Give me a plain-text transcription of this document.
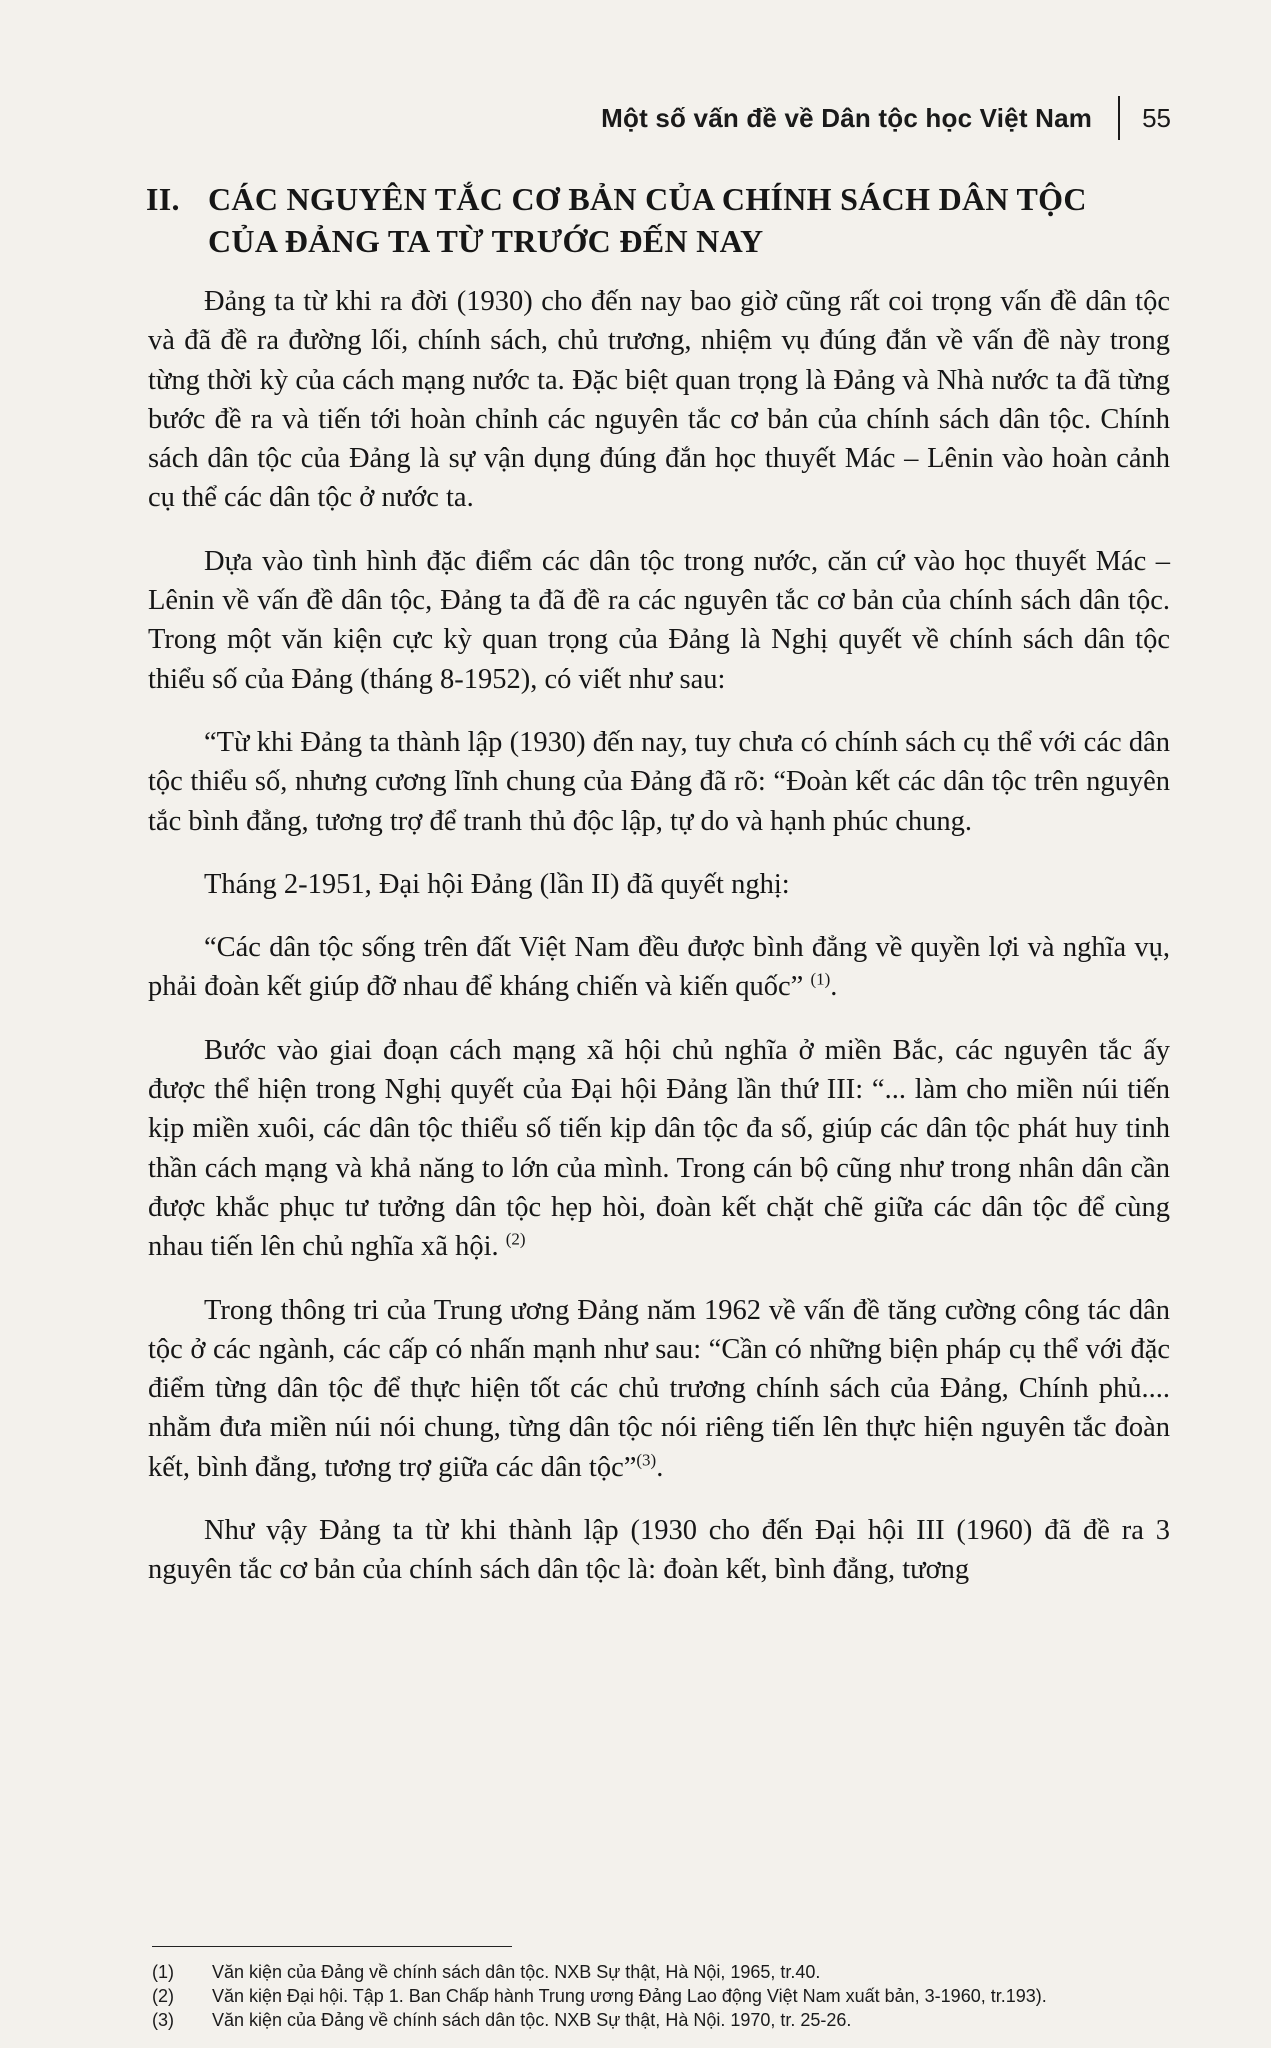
Một số vấn đề về Dân tộc học Việt Nam 55
II. CÁC NGUYÊN TẮC CƠ BẢN CỦA CHÍNH SÁCH DÂN TỘC
CỦA ĐẢNG TA TỪ TRƯỚC ĐẾN NAY

Đảng ta từ khi ra đời (1930) cho đến nay bao giờ cũng rất coi trọng vấn đề dân tộc và đã đề ra đường lối, chính sách, chủ trương, nhiệm vụ đúng đắn về vấn đề này trong từng thời kỳ của cách mạng nước ta. Đặc biệt quan trọng là Đảng và Nhà nước ta đã từng bước đề ra và tiến tới hoàn chỉnh các nguyên tắc cơ bản của chính sách dân tộc. Chính sách dân tộc của Đảng là sự vận dụng đúng đắn học thuyết Mác – Lênin vào hoàn cảnh cụ thể các dân tộc ở nước ta.

Dựa vào tình hình đặc điểm các dân tộc trong nước, căn cứ vào học thuyết Mác – Lênin về vấn đề dân tộc, Đảng ta đã đề ra các nguyên tắc cơ bản của chính sách dân tộc. Trong một văn kiện cực kỳ quan trọng của Đảng là Nghị quyết về chính sách dân tộc thiểu số của Đảng (tháng 8-1952), có viết như sau:

“Từ khi Đảng ta thành lập (1930) đến nay, tuy chưa có chính sách cụ thể với các dân tộc thiểu số, nhưng cương lĩnh chung của Đảng đã rõ: “Đoàn kết các dân tộc trên nguyên tắc bình đẳng, tương trợ để tranh thủ độc lập, tự do và hạnh phúc chung.

Tháng 2-1951, Đại hội Đảng (lần II) đã quyết nghị:

“Các dân tộc sống trên đất Việt Nam đều được bình đẳng về quyền lợi và nghĩa vụ, phải đoàn kết giúp đỡ nhau để kháng chiến và kiến quốc” $^{(1)}$.

Bước vào giai đoạn cách mạng xã hội chủ nghĩa ở miền Bắc, các nguyên tắc ấy được thể hiện trong Nghị quyết của Đại hội Đảng lần thứ III: “... làm cho miền núi tiến kịp miền xuôi, các dân tộc thiểu số tiến kịp dân tộc đa số, giúp các dân tộc phát huy tinh thần cách mạng và khả năng to lớn của mình. Trong cán bộ cũng như trong nhân dân cần được khắc phục tư tưởng dân tộc hẹp hòi, đoàn kết chặt chẽ giữa các dân tộc để cùng nhau tiến lên chủ nghĩa xã hội. $^{(2)}$

Trong thông tri của Trung ương Đảng năm 1962 về vấn đề tăng cường công tác dân tộc ở các ngành, các cấp có nhấn mạnh như sau: “Cần có những biện pháp cụ thể với đặc điểm từng dân tộc để thực hiện tốt các chủ trương chính sách của Đảng, Chính phủ.... nhằm đưa miền núi nói chung, từng dân tộc nói riêng tiến lên thực hiện nguyên tắc đoàn kết, bình đẳng, tương trợ giữa các dân tộc”$^{(3)}$.

Như vậy Đảng ta từ khi thành lập (1930 cho đến Đại hội III (1960) đã đề ra 3 nguyên tắc cơ bản của chính sách dân tộc là: đoàn kết, bình đẳng, tương

(1)	Văn kiện của Đảng về chính sách dân tộc. NXB Sự thật, Hà Nội, 1965, tr.40.
(2)	Văn kiện Đại hội. Tập 1. Ban Chấp hành Trung ương Đảng Lao động Việt Nam xuất bản, 3-1960, tr.193).
(3)	Văn kiện của Đảng về chính sách dân tộc. NXB Sự thật, Hà Nội. 1970, tr. 25-26.
